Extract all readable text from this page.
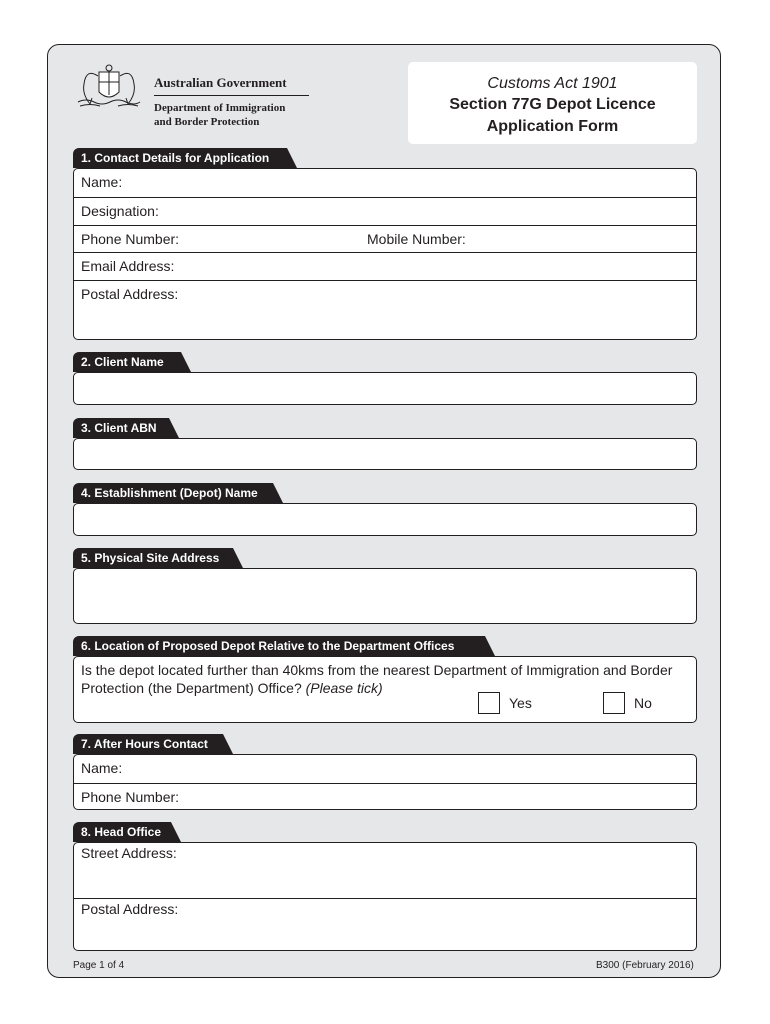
Australian Government
Department of Immigration
and Border Protection
Customs Act 1901
Section 77G Depot Licence
Application Form
1. Contact Details for Application
Name:
Designation:
Phone Number:	Mobile Number:
Email Address:
Postal Address:
2. Client Name
3. Client ABN
4. Establishment (Depot) Name
5. Physical Site Address
6. Location of Proposed Depot Relative to the Department Offices
Is the depot located further than 40kms from the nearest Department of Immigration and Border Protection (the Department) Office? (Please tick)
Yes	No
7. After Hours Contact
Name:
Phone Number:
8. Head Office
Street Address:
Postal Address:
Page 1 of 4	B300 (February 2016)
